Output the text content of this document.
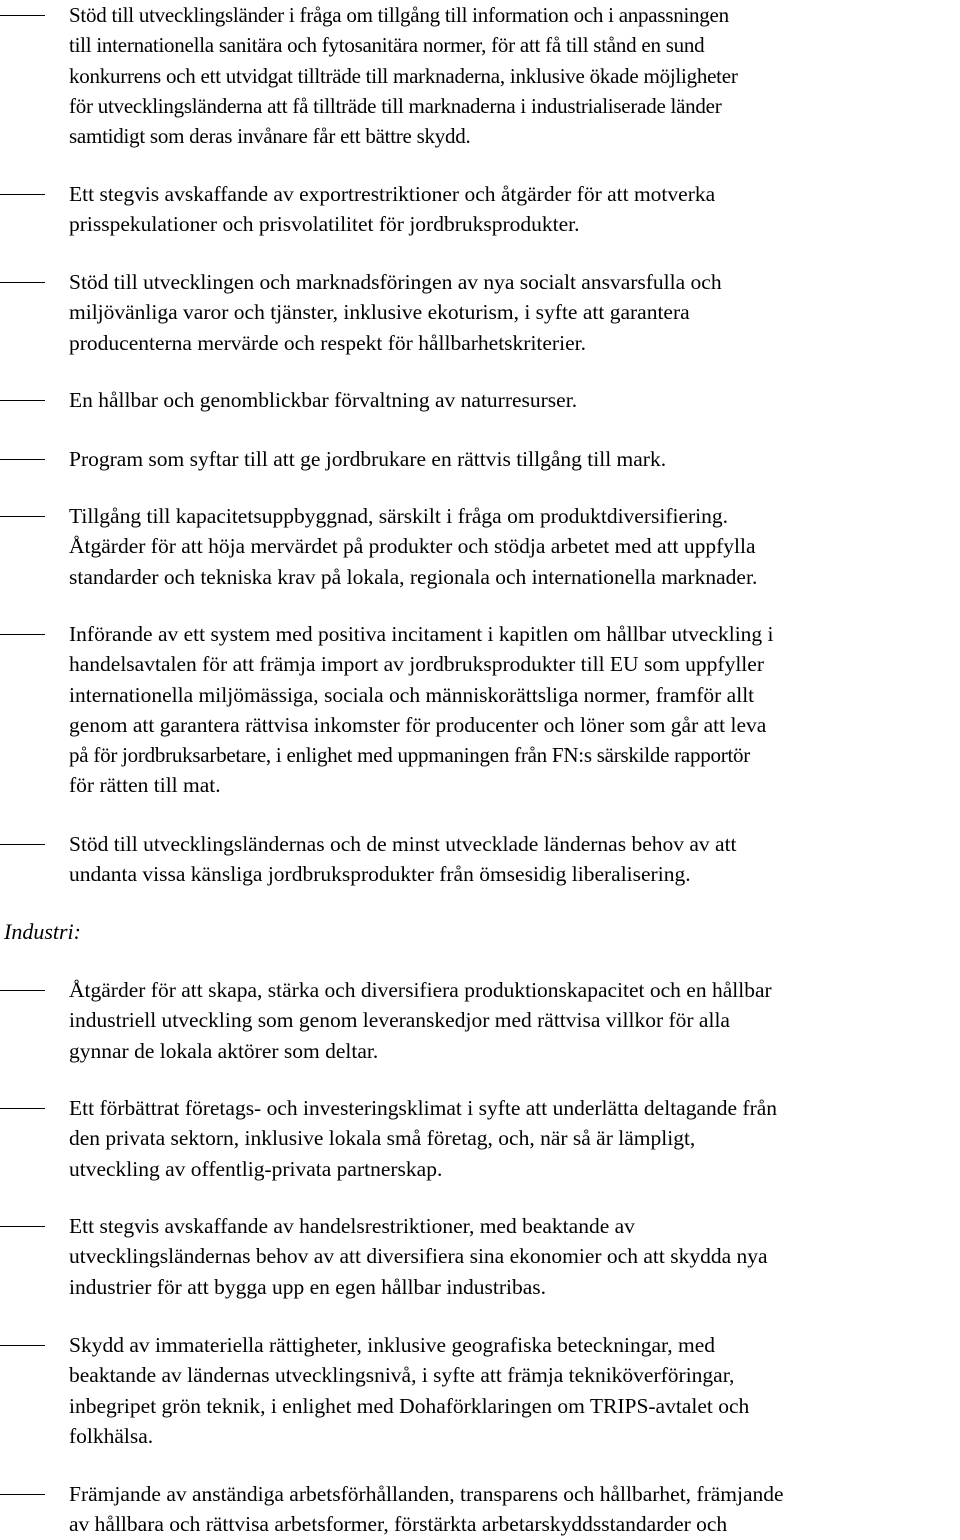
Stöd till utvecklingsländer i fråga om tillgång till information och i anpassningen
till internationella sanitära och fytosanitära normer, för att få till stånd en sund
konkurrens och ett utvidgat tillträde till marknaderna, inklusive ökade möjligheter
för utvecklingsländerna att få tillträde till marknaderna i industrialiserade länder
samtidigt som deras invånare får ett bättre skydd.
Ett stegvis avskaffande av exportrestriktioner och åtgärder för att motverka
prisspekulationer och prisvolatilitet för jordbruksprodukter.
Stöd till utvecklingen och marknadsföringen av nya socialt ansvarsfulla och
miljövänliga varor och tjänster, inklusive ekoturism, i syfte att garantera
producenterna mervärde och respekt för hållbarhetskriterier.
En hållbar och genomblickbar förvaltning av naturresurser.
Program som syftar till att ge jordbrukare en rättvis tillgång till mark.
Tillgång till kapacitetsuppbyggnad, särskilt i fråga om produktdiversifiering.
Åtgärder för att höja mervärdet på produkter och stödja arbetet med att uppfylla
standarder och tekniska krav på lokala, regionala och internationella marknader.
Införande av ett system med positiva incitament i kapitlen om hållbar utveckling i
handelsavtalen för att främja import av jordbruksprodukter till EU som uppfyller
internationella miljömässiga, sociala och människorättsliga normer, framför allt
genom att garantera rättvisa inkomster för producenter och löner som går att leva
på för jordbruksarbetare, i enlighet med uppmaningen från FN:s särskilde rapportör
för rätten till mat.
Stöd till utvecklingsländernas och de minst utvecklade ländernas behov av att
undanta vissa känsliga jordbruksprodukter från ömsesidig liberalisering.
Industri:
Åtgärder för att skapa, stärka och diversifiera produktionskapacitet och en hållbar
industriell utveckling som genom leveranskedjor med rättvisa villkor för alla
gynnar de lokala aktörer som deltar.
Ett förbättrat företags- och investeringsklimat i syfte att underlätta deltagande från
den privata sektorn, inklusive lokala små företag, och, när så är lämpligt,
utveckling av offentlig-privata partnerskap.
Ett stegvis avskaffande av handelsrestriktioner, med beaktande av
utvecklingsländernas behov av att diversifiera sina ekonomier och att skydda nya
industrier för att bygga upp en egen hållbar industribas.
Skydd av immateriella rättigheter, inklusive geografiska beteckningar, med
beaktande av ländernas utvecklingsnivå, i syfte att främja tekniköverföringar,
inbegripet grön teknik, i enlighet med Dohaförklaringen om TRIPS-avtalet och
folkhälsa.
Främjande av anständiga arbetsförhållanden, transparens och hållbarhet, främjande
av hållbara och rättvisa arbetsformer, förstärkta arbetarskyddsstandarder och
